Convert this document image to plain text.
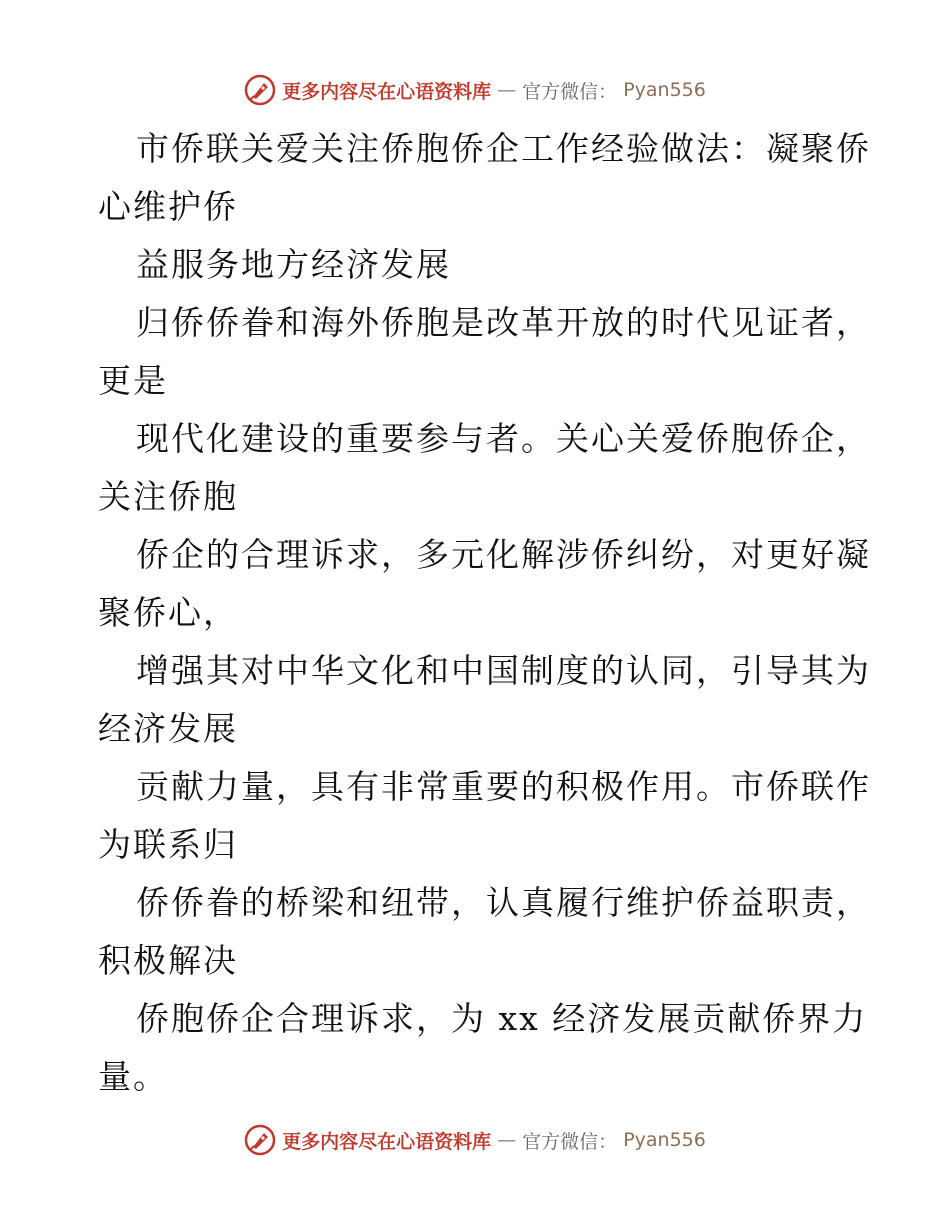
更多内容尽在心语资料库 — 官方微信： Pyan556
市侨联关爱关注侨胞侨企工作经验做法：凝聚侨
心维护侨
益服务地方经济发展
归侨侨眷和海外侨胞是改革开放的时代见证者，
更是
现代化建设的重要参与者。关心关爱侨胞侨企，
关注侨胞
侨企的合理诉求，多元化解涉侨纠纷，对更好凝
聚侨心，
增强其对中华文化和中国制度的认同，引导其为
经济发展
贡献力量，具有非常重要的积极作用。市侨联作
为联系归
侨侨眷的桥梁和纽带，认真履行维护侨益职责，
积极解决
侨胞侨企合理诉求，为 xx 经济发展贡献侨界力
量。
更多内容尽在心语资料库 — 官方微信： Pyan556
